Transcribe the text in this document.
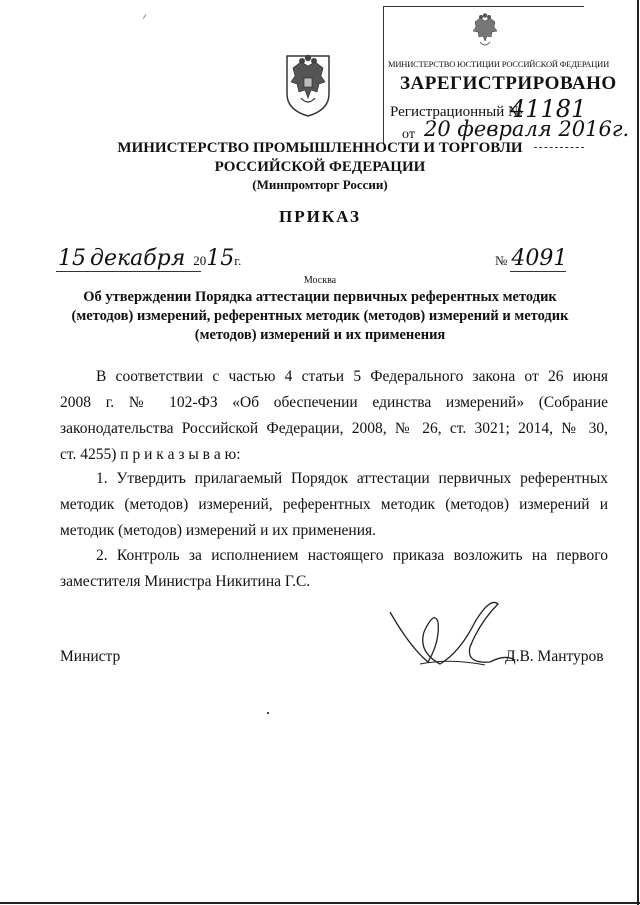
МИНИСТЕРСТВО ЮСТИЦИИ РОССИЙСКОЙ ФЕДЕРАЦИИ
ЗАРЕГИСТРИРОВАНО
Регистрационный №
41181
от 20 февраля 2016г.
МИНИСТЕРСТВО ПРОМЫШЛЕННОСТИ И ТОРГОВЛИ
РОССИЙСКОЙ ФЕДЕРАЦИИ
(Минпромторг России)
ПРИКАЗ
15 декабря 2015г.	№ 4091
Москва
Об утверждении Порядка аттестации первичных референтных методик
(методов) измерений, референтных методик (методов) измерений и методик
(методов) измерений и их применения
В соответствии с частью 4 статьи 5 Федерального закона от 26 июня
2008 г. № 102-ФЗ «Об обеспечении единства измерений» (Собрание
законодательства Российской Федерации, 2008, № 26, ст. 3021; 2014, № 30,
ст. 4255) п р и к а з ы в а ю:
1. Утвердить прилагаемый Порядок аттестации первичных референтных
методик (методов) измерений, референтных методик (методов) измерений и
методик (методов) измерений и их применения.
2. Контроль за исполнением настоящего приказа возложить на первого
заместителя Министра Никитина Г.С.
Министр	Д.В. Мантуров
